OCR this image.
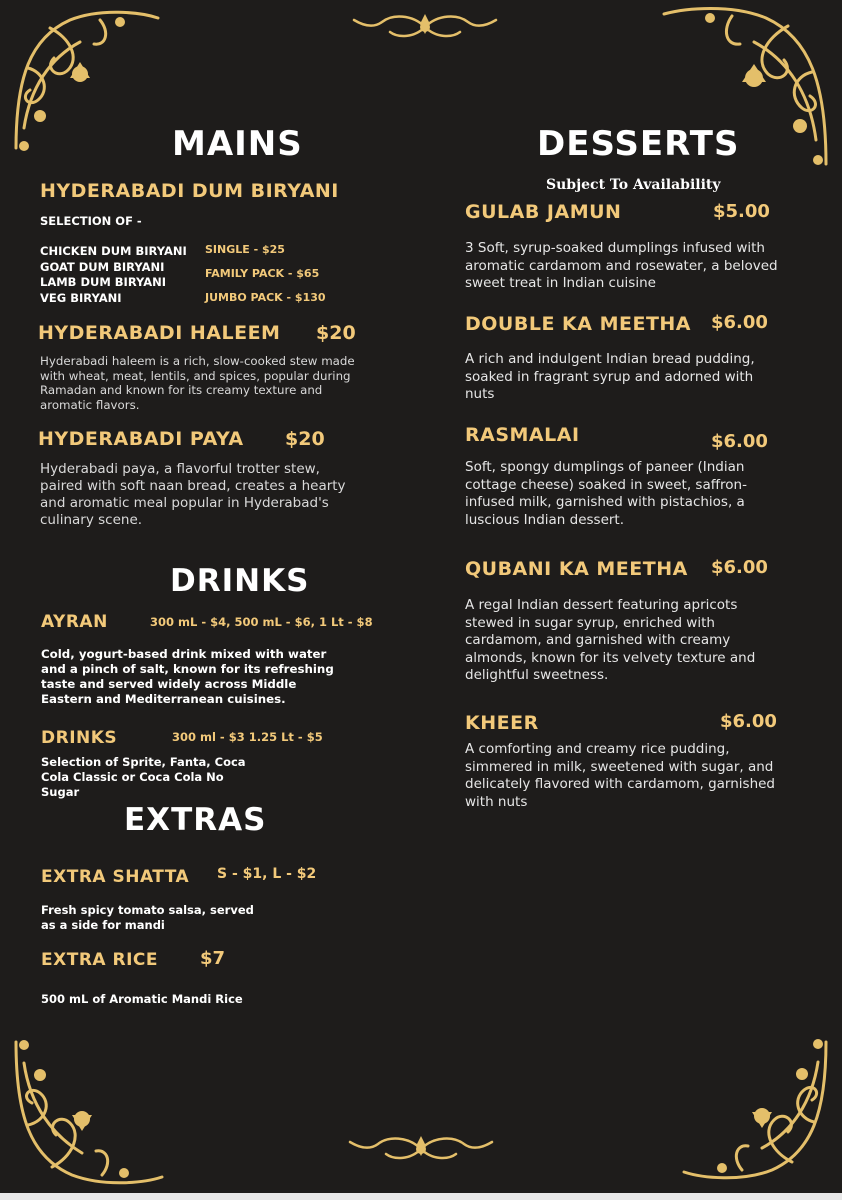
MAINS
HYDERABADI DUM BIRYANI
SELECTION OF -
CHICKEN DUM BIRYANI
GOAT DUM BIRYANI
LAMB DUM BIRYANI
VEG BIRYANI
SINGLE - $25
FAMILY PACK - $65
JUMBO PACK - $130
HYDERABADI HALEEM $20
Hyderabadi haleem is a rich, slow-cooked stew made with wheat, meat, lentils, and spices, popular during Ramadan and known for its creamy texture and aromatic flavors.
HYDERABADI PAYA $20
Hyderabadi paya, a flavorful trotter stew, paired with soft naan bread, creates a hearty and aromatic meal popular in Hyderabad's culinary scene.
DRINKS
AYRAN	300 mL - $4, 500 mL - $6, 1 Lt - $8
Cold, yogurt-based drink mixed with water and a pinch of salt, known for its refreshing taste and served widely across Middle Eastern and Mediterranean cuisines.
DRINKS	300 ml - $3 1.25 Lt - $5
Selection of Sprite, Fanta, Coca Cola Classic or Coca Cola No Sugar
EXTRAS
EXTRA SHATTA S - $1, L - $2
Fresh spicy tomato salsa, served as a side for mandi
EXTRA RICE $7
500 mL of Aromatic Mandi Rice
DESSERTS
Subject To Availability
GULAB JAMUN	$5.00
3 Soft, syrup-soaked dumplings infused with aromatic cardamom and rosewater, a beloved sweet treat in Indian cuisine
DOUBLE KA MEETHA $6.00
A rich and indulgent Indian bread pudding, soaked in fragrant syrup and adorned with nuts
RASMALAI	$6.00
Soft, spongy dumplings of paneer (Indian cottage cheese) soaked in sweet, saffron-infused milk, garnished with pistachios, a luscious Indian dessert.
QUBANI KA MEETHA $6.00
A regal Indian dessert featuring apricots stewed in sugar syrup, enriched with cardamom, and garnished with creamy almonds, known for its velvety texture and delightful sweetness.
KHEER	$6.00
A comforting and creamy rice pudding, simmered in milk, sweetened with sugar, and delicately flavored with cardamom, garnished with nuts
